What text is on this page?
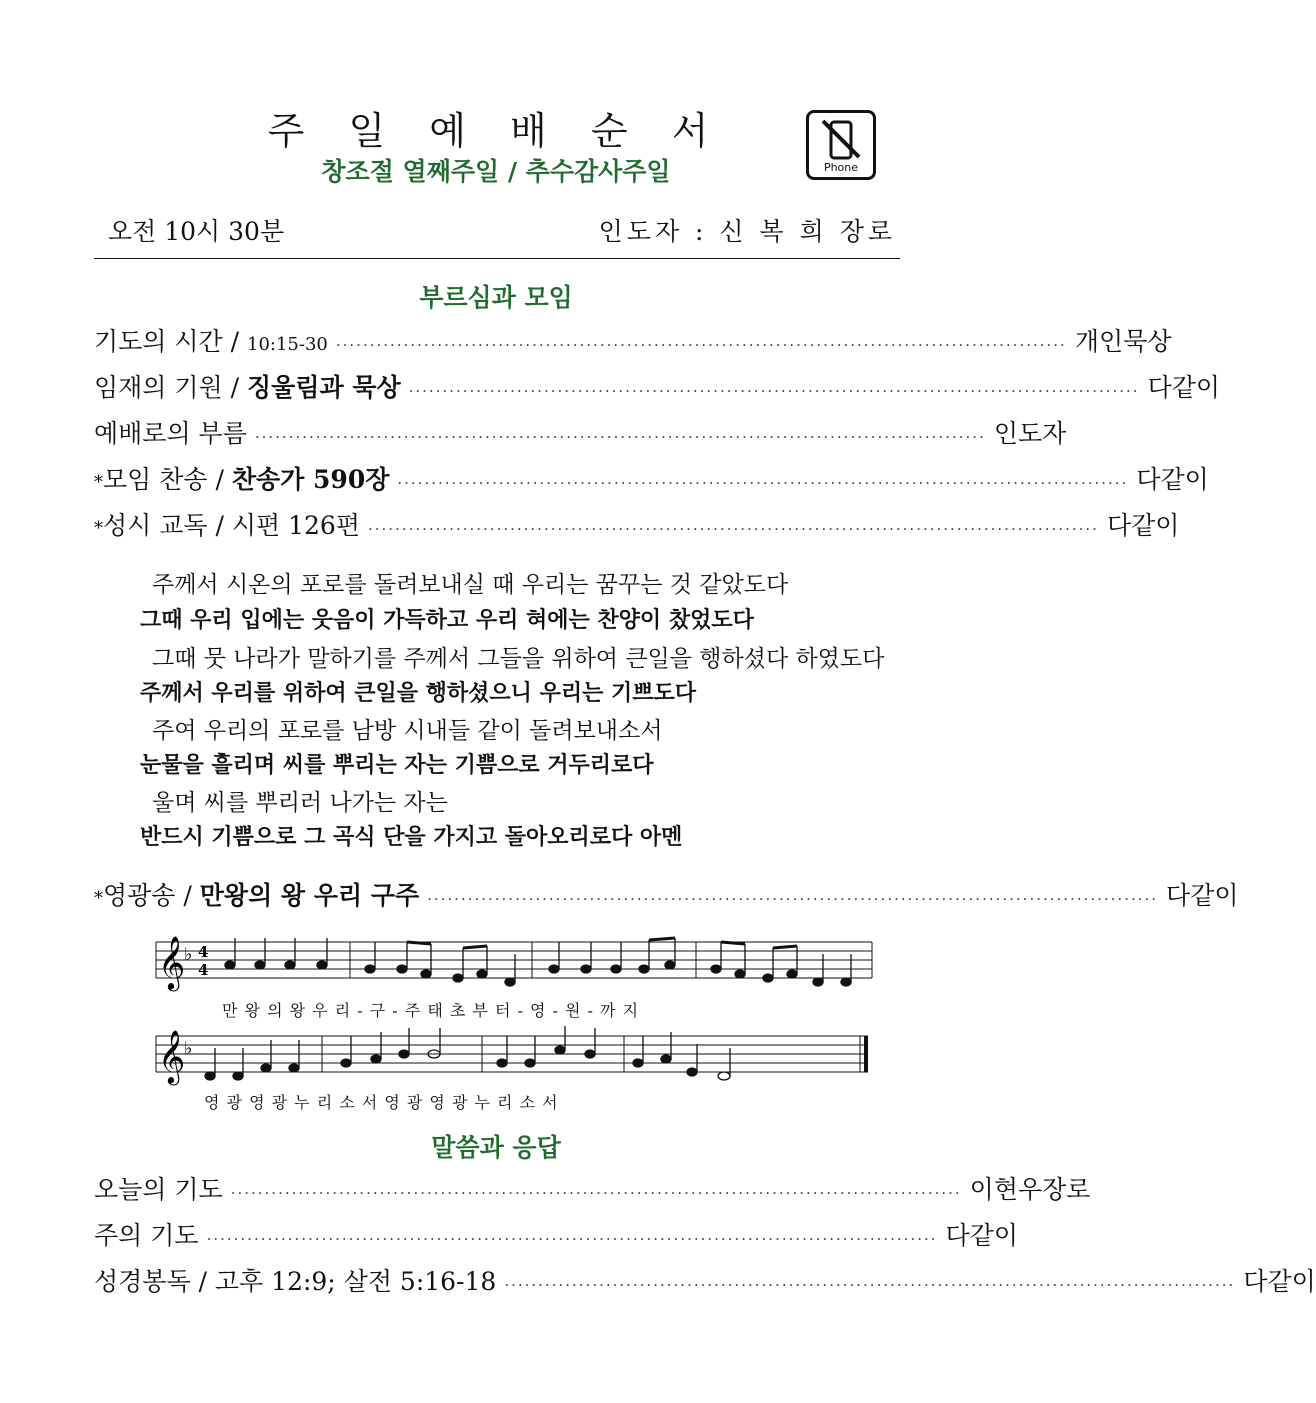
주 일 예 배 순 서
창조절 열째주일 / 추수감사주일	Phone
오전 10시 30분	인도자 : 신 복 희 장로
부르심과 모임
기도의 시간 / 10:15-30 ············································································································ 개 인 묵 상
임재의 기원 / 징울림과 묵상 ············································································································ 다 같 이
예배로의 부름 ············································································································ 인 도 자
* 모임 찬송 / 찬송가 590장 ············································································································ 다 같 이
* 성시 교독 / 시편 126편 ············································································································ 다 같 이
주께서 시온의 포로를 돌려보내실 때 우리는 꿈꾸는 것 같았도다
그때 우리 입에는 웃음이 가득하고 우리 혀에는 찬양이 찼었도다
그때 뭇 나라가 말하기를 주께서 그들을 위하여 큰일을 행하셨다 하였도다
주께서 우리를 위하여 큰일을 행하셨으니 우리는 기쁘도다
주여 우리의 포로를 남방 시내들 같이 돌려보내소서
눈물을 흘리며 씨를 뿌리는 자는 기쁨으로 거두리로다
울며 씨를 뿌리러 나가는 자는
반드시 기쁨으로 그 곡식 단을 가지고 돌아오리로다 아멘
* 영광송 / 만왕의 왕 우리 구주 ············································································································ 다 같 이
𝄞
♭ 4
4
만 왕 의 왕 우 리 - 구 - 주 태 초 부 터 - 영 - 원 - 까 지
𝄞
♭
영 광 영 광 누 리 소 서 영 광 영 광 누 리 소 서
말씀과 응답
오늘의 기도 ············································································································ 이 현 우 장 로
주의 기도 ············································································································ 다 같 이
성경봉독 / 고후 12:9; 살전 5:16-18 ············································································································ 다 같 이
